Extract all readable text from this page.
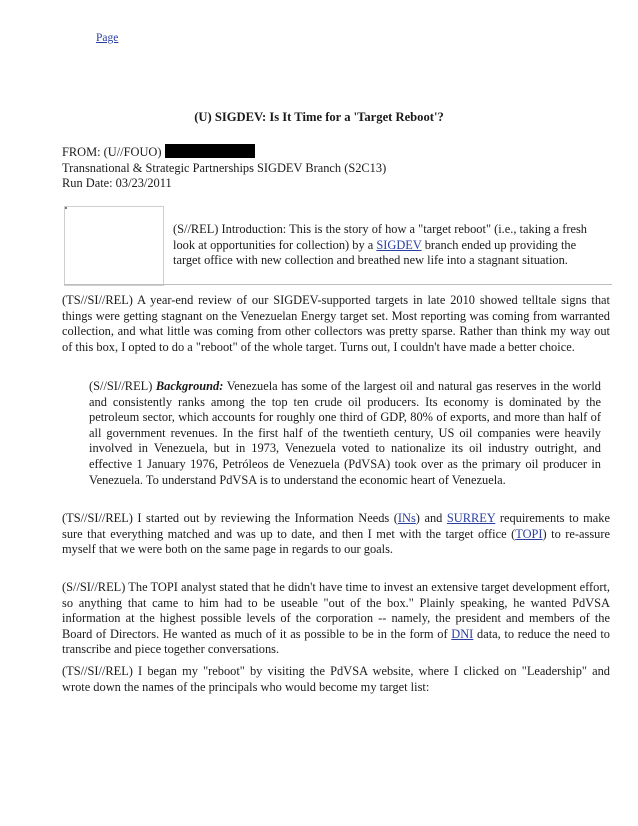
Page
(U) SIGDEV: Is It Time for a 'Target Reboot'?
FROM: (U//FOUO)
Transnational & Strategic Partnerships SIGDEV Branch (S2C13)
Run Date: 03/23/2011
(S//REL) Introduction: This is the story of how a "target reboot" (i.e., taking a fresh look at opportunities for collection) by a SIGDEV branch ended up providing the target office with new collection and breathed new life into a stagnant situation.
(TS//SI//REL) A year-end review of our SIGDEV-supported targets in late 2010 showed telltale signs that things were getting stagnant on the Venezuelan Energy target set. Most reporting was coming from warranted collection, and what little was coming from other collectors was pretty sparse. Rather than think my way out of this box, I opted to do a "reboot" of the whole target. Turns out, I couldn't have made a better choice.
(S//SI//REL) Background: Venezuela has some of the largest oil and natural gas reserves in the world and consistently ranks among the top ten crude oil producers. Its economy is dominated by the petroleum sector, which accounts for roughly one third of GDP, 80% of exports, and more than half of all government revenues. In the first half of the twentieth century, US oil companies were heavily involved in Venezuela, but in 1973, Venezuela voted to nationalize its oil industry outright, and effective 1 January 1976, Petróleos de Venezuela (PdVSA) took over as the primary oil producer in Venezuela. To understand PdVSA is to understand the economic heart of Venezuela.
(TS//SI//REL) I started out by reviewing the Information Needs (INs) and SURREY requirements to make sure that everything matched and was up to date, and then I met with the target office (TOPI) to re-assure myself that we were both on the same page in regards to our goals.
(S//SI//REL) The TOPI analyst stated that he didn't have time to invest an extensive target development effort, so anything that came to him had to be useable "out of the box." Plainly speaking, he wanted PdVSA information at the highest possible levels of the corporation -- namely, the president and members of the Board of Directors. He wanted as much of it as possible to be in the form of DNI data, to reduce the need to transcribe and piece together conversations.
(TS//SI//REL) I began my "reboot" by visiting the PdVSA website, where I clicked on "Leadership" and wrote down the names of the principals who would become my target list:
